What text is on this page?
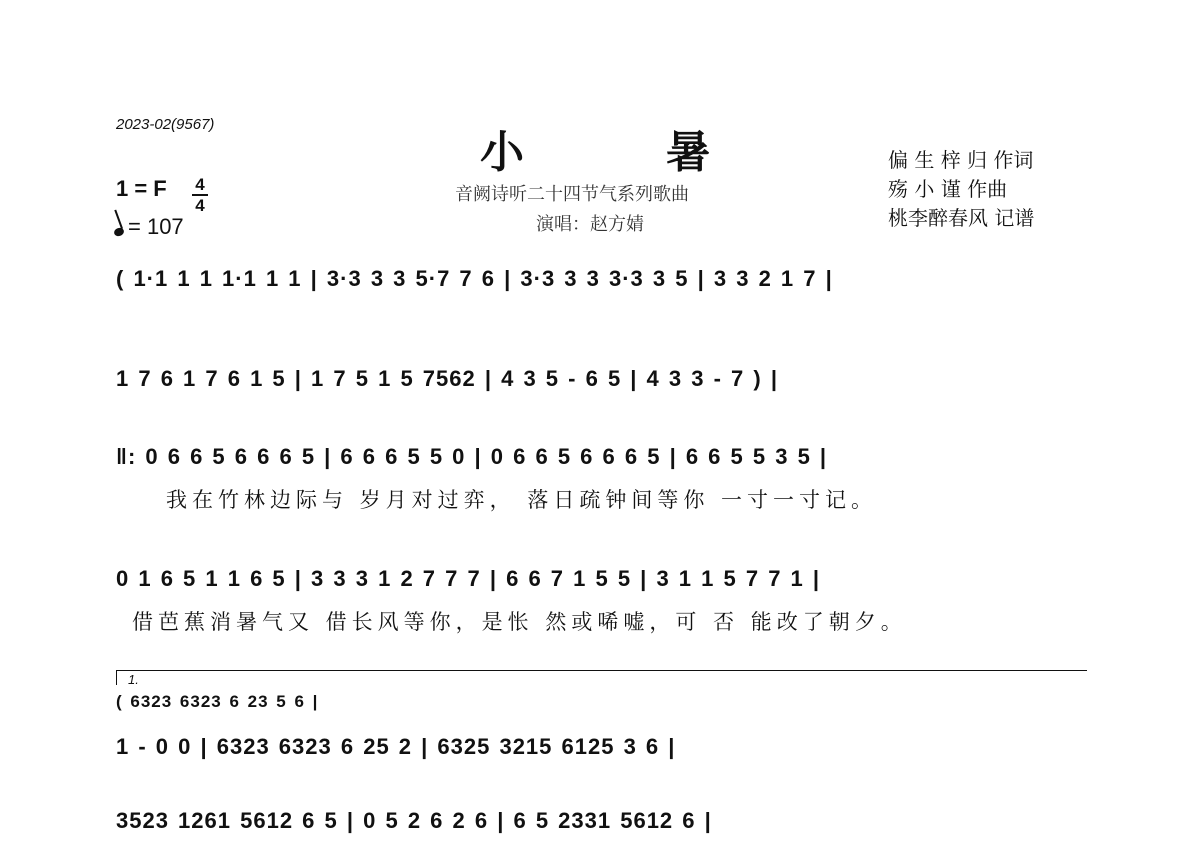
2023-02(9567)
小	暑
音阙诗听二十四节气系列歌曲
演唱：赵方婧
偏 生 梓 归 作词
殇 小 谨 作曲
桃李醉春风 记谱
1 = F 4
4
= 107
( 1·1 1 1 1·1 1 1 | 3·3 3 3 5·7 7 6 | 3·3 3 3 3·3 3 5 | 3 3 2 1 7 |
1 7 6 1 7 6 1 5 | 1 7 5 1 5 7562 | 4 3 5 - 6 5 | 4 3 3 - 7 ) |
‖: 0 6 6 5 6 6 6 5 | 6 6 6 5 5 0 | 0 6 6 5 6 6 6 5 | 6 6 5 5 3 5 |
我在竹林边际与 岁月对过弈， 落日疏钟间等你 一寸一寸记。
0 1 6 5 1 1 6 5 | 3 3 3 1 2 7 7 7 | 6 6 7 1 5 5 | 3 1 1 5 7 7 1 |
借芭蕉消暑气又 借长风等你，是怅 然或唏嘘，可 否 能改了朝夕。
1.
( 6323 6323 6 23 5 6 |
1 - 0 0 | 6323 6323 6 25 2 | 6325 3215 6125 3 6 |
3523 1261 5612 6 5 | 0 5 2 6 2 6 | 6 5 2331 5612 6 |
